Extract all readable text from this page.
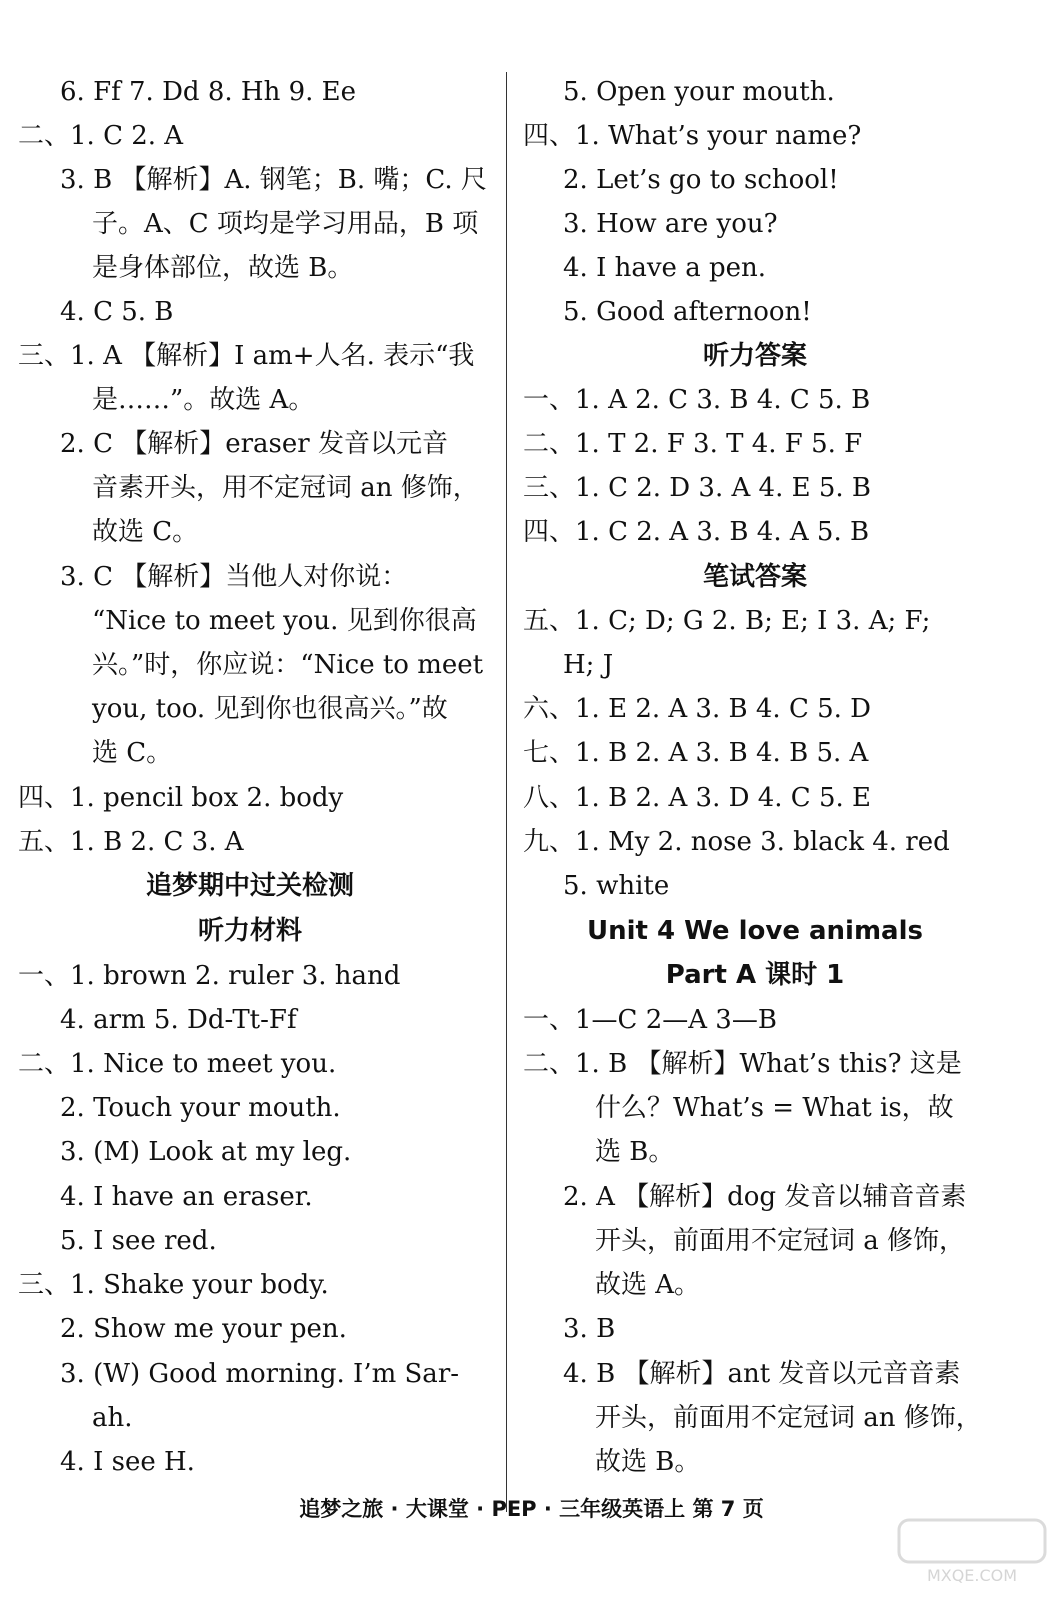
6. Ff 7. Dd 8. Hh 9. Ee
二、1. C 2. A
3. B 【解析】A. 钢笔；B. 嘴；C. 尺
子。A、C 项均是学习用品，B 项
是身体部位，故选 B。
4. C 5. B
三、1. A 【解析】I am+人名. 表示“我
是……”。故选 A。
2. C 【解析】eraser 发音以元音
音素开头，用不定冠词 an 修饰，
故选 C。
3. C 【解析】当他人对你说：
“Nice to meet you. 见到你很高
兴。”时，你应说：“Nice to meet
you, too. 见到你也很高兴。”故
选 C。
四、1. pencil box 2. body
五、1. B 2. C 3. A
一、1. brown 2. ruler 3. hand
4. arm 5. Dd-Tt-Ff
二、1. Nice to meet you.
2. Touch your mouth.
3. (M) Look at my leg.
4. I have an eraser.
5. I see red.
三、1. Shake your body.
2. Show me your pen.
3. (W) Good morning. I’m Sar-
ah.
4. I see H.
追梦期中过关检测
听力材料
5. Open your mouth.
四、1. What’s your name?
2. Let’s go to school!
3. How are you?
4. I have a pen.
5. Good afternoon!
一、1. A 2. C 3. B 4. C 5. B
二、1. T 2. F 3. T 4. F 5. F
三、1. C 2. D 3. A 4. E 5. B
四、1. C 2. A 3. B 4. A 5. B
五、1. C; D; G 2. B; E; I 3. A; F;
H; J
六、1. E 2. A 3. B 4. C 5. D
七、1. B 2. A 3. B 4. B 5. A
八、1. B 2. A 3. D 4. C 5. E
九、1. My 2. nose 3. black 4. red
5. white
一、1—C 2—A 3—B
二、1. B 【解析】What’s this? 这是
什么？What’s = What is，故
选 B。
2. A 【解析】dog 发音以辅音音素
开头，前面用不定冠词 a 修饰，
故选 A。
3. B
4. B 【解析】ant 发音以元音音素
开头，前面用不定冠词 an 修饰，
故选 B。
听力答案
笔试答案
Unit 4 We love animals
Part A 课时 1
追梦之旅 · 大课堂 · PEP · 三年级英语上 第 7 页
MXQE.COM
